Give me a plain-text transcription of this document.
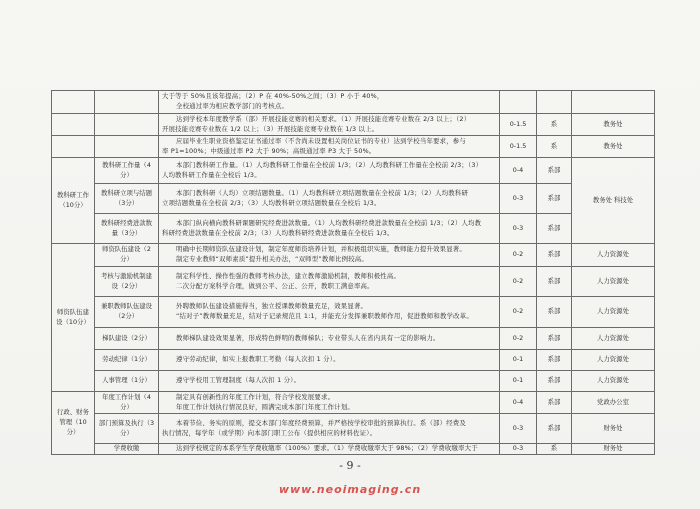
		大于等于 50%且该年提高；（2）P 在 40%-50%之间；（3）P 小于 40%，
全校通过率为相应教学部门的考核点。			

		达到学校本年度教学系（部）开展技能竞赛的相关要求。（1）开展技能竞赛专业数在 2/3 以上；（2）
开展技能竞赛专业数在 1/2 以上；（3）开展技能竞赛专业数在 1/3 以上。	0-1.5	系	教务处

		应届毕业生职业资格鉴定证书通过率（不含尚未设置相关岗位证书的专业）达到学校当年要求，参与
率 P1=100%；中级通过率 P2 大于 90%；高级通过率 P3 大于 50%。	0-1.5	系	教务处
教科研工作（10分）	教科研工作量（4分）	本部门教科研工作量。（1）人均教科研工作量在全校前 1/3；（2）人均教科研工作量在全校前 2/3；（3）
人均教科研工作量在全校后 1/3。	0-4	系部	教务处 科技处
	教科研立项与结题（3分）	本部门教科研（人均）立项结题数量。（1）人均教科研立项结题数量在全校前 1/3；（2）人均教科研
立项结题数量在全校前 2/3；（3）人均教科研立项结题数量在全校后 1/3。	0-3	系部	
	教科研经费进款数量（3分）	本部门纵向横向教科研课题研究经费进款数量。（1）人均教科研经费进款数量在全校前 1/3；（2）人均教
科研经费进款数量在全校前 2/3；（3）人均教科研经费进款数量在全校后 1/3。	0-3	系部	
师资队伍建设（10分）	师资队伍建设（2分）	明确中长期师资队伍建设计划，制定年度师资培养计划，并积极组织实施，教师能力提升效果显著。
制定专业教师“双师素质”提升相关办法，“双师型”教师比例较高。	0-2	系部	人力资源处
	考核与激励机制建设（2分）	制定科学性、操作性强的教师考核办法，建立教师激励机制，教师积极性高。
二次分配方案科学合理，做到公平、公正、公开，教职工满意率高。	0-2	系部	人力资源处
	兼职教师队伍建设（2分）	外聘教师队伍建设措施得当，独立授课教师数量充足，效果显著。
“结对子”教师数量充足，结对子记录规范且 1:1，并能充分发挥兼职教师作用，促进教师和教学改革。	0-2	系部	人力资源处
	梯队建设（2分）	教师梯队建设效果显著，形成特色鲜明的教师梯队；专业带头人在省内具有一定的影响力。	0-2	系部	人力资源处
	劳动纪律（1分）	遵守劳动纪律，如实上报教职工考勤（每人次扣 1 分）。	0-1	系部	人力资源处
	人事管理（1分）	遵守学校用工管理制度（每人次扣 1 分）。	0-1	系部	人力资源处
行政、财务管理（10分）	年度工作计划（4分）	制定具有创新性的年度工作计划，符合学校发展要求。
年度工作计划执行情况良好，圆满完成本部门年度工作计划。	0-4	系部	党政办公室
	部门预算及执行（3分）	本着节俭、务实的原则，提交本部门年度经费预算，并严格按学校审批的预算执行。系（部）经费及
执行情况，每学年（或学期）向本部门职工公布（提供相应的材料佐证）。	0-3	系部	财务处
	学费收缴	达到学校规定的本系学生学费收缴率（100%）要求。（1）学费收缴率大于 98%；（2）学费收缴率大于	0-3	系	财务处
- 9 -
www.neoimaging.cn
